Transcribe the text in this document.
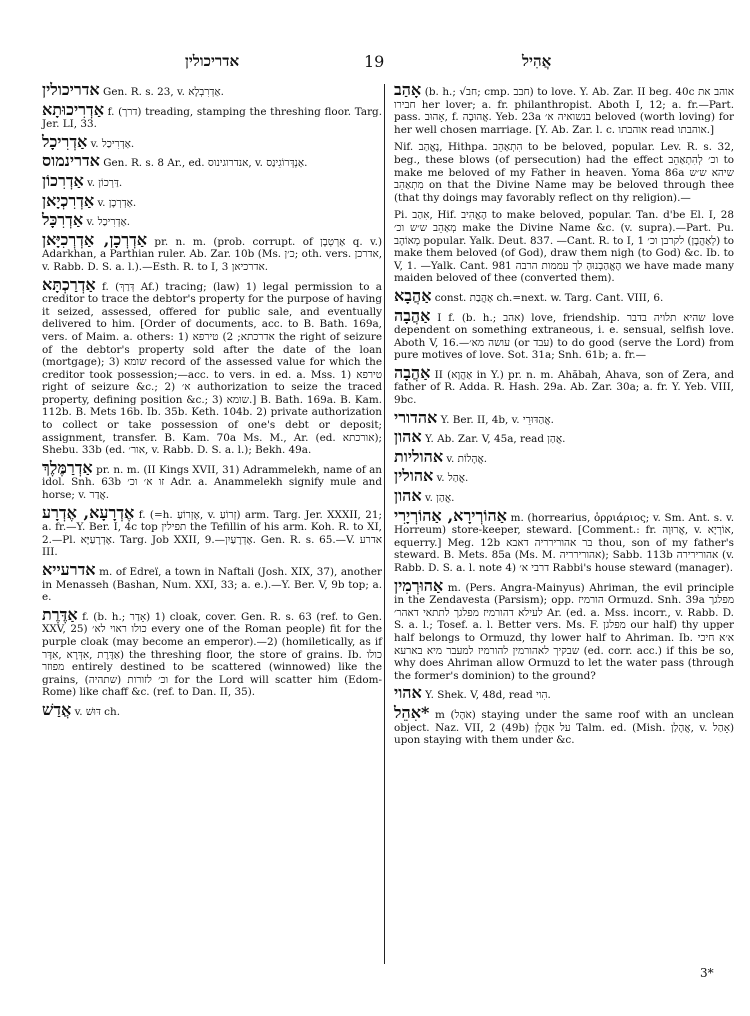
אדריכולין	19	אֲהִיל

אדריכולין Gen. R. s. 23, v. אַדְרִבְלָא.

אַדְרִיכוּתָא f. (דרך) treading, stamping the threshing floor. Targ. Jer. LI, 33.

אַדְרִיכָל v. אַדְרִיכַל.

אדרינמוס Gen. R. s. 8 Ar., ed. אנדרוגינוס, v. אַנְדְּרוֹגִינַס.

אַדְרִכוֹן v. דַּרְכוֹן.

אַדְרִכְיָאן v. אַדְרְכָן.

אַדְרִכָּל v. אַדְרִיכַל.

אַדְרְכָן, אַדְרְכִיָּאן pr. n. m. (prob. corrupt. of אַרְטְבָן q. v.) Adarkhan, a Parthian ruler. Ab. Zar. 10b (Ms. כ׳ן; oth. vers. אדרכן, v. Rabb. D. S. a. l.).—Esth. R. to I, 3 אדרכיאן.

אַדְרַכְתָּא f. (דְּרַךְ Af.) tracing; (law) 1) legal permission to a creditor to trace the debtor's property for the purpose of having it seized, assessed, offered for public sale, and eventually delivered to him. [Order of documents, acc. to B. Bath. 169a, vers. of Maim. a. others: 1) אדרכתא; 2) טירפא the right of seizure of the debtor's property sold after the date of the loan (mortgage); 3) שומא record of the assessed value for which the creditor took possession;—acc. to vers. in ed. a. Mss. 1) טירפא right of seizure &c.; 2) א׳ authorization to seize the traced property, defining position &c.; 3) שומא.] B. Bath. 169a. B. Kam. 112b. B. Mets 16b. Ib. 35b. Keth. 104b. 2) private authorization to collect or take possession of one's debt or deposit; assignment, transfer. B. Kam. 70a Ms. M., Ar. (ed. אורכתא); Shebu. 33b (ed. אור׳, v. Rabb. D. S. a. l.); Bekh. 49a.

אַדְרַמֶּלֶךְ pr. n. m. (II Kings XVII, 31) Adrammelekh, name of an idol. Snh. 63b זו א׳ וכ׳ Adr. a. Anammelekh signify mule and horse; v. אֲדַר.

אֶדְרָעָא, אֶדְרָע f. (=h. אֶזְרוֹעַ, v. זְרוֹעַ) arm. Targ. Jer. XXXII, 21; a. fr.—Y. Ber. I, 4c top תפילין the Tefillin of his arm. Koh. R. to XI, 2.—Pl. אֶדְרָעַיָּא. Targ. Job XXII, 9.—אֶדְרָעַיִן. Gen. R. s. 65.—V. אדרע III.

אדרעייא m. of Edreï, a town in Naftali (Josh. XIX, 37), another in Menasseh (Bashan, Num. XXI, 33; a. e.).—Y. Ber. V, 9b top; a. e.

אַדֶּרֶת f. (b. h.; אָדַר) 1) cloak, cover. Gen. R. s. 63 (ref. to Gen. XXV, 25) כולו ראוי לא׳ every one of the Roman people) fit for the purple cloak (may become an emperor).—2) (homiletically, as if אַדֶּרֶת ,אִדְּרָא ,אִדָּר) the threshing floor, the store of grains. Ib. כולו מפוזר entirely destined to be scattered (winnowed) like the grains, וכ׳ לזורות (שתהיה) for the Lord will scatter him (Edom-Rome) like chaff &c. (ref. to Dan. II, 35).

אֲדַשׁ v. דּוּשׁ ch.

אָהַב (b. h.; √חב; cmp. חבב) to love. Y. Ab. Zar. II beg. 40c אוהב את חבירו her lover; a. fr. philanthropist. Aboth I, 12; a. fr.—Part. pass. אָהוּב, f. אֲהוּבָה. Yeb. 23a בנשואיה א׳ beloved (worth loving) for her well chosen marriage. [Y. Ab. Zar. l. c. אוהבתו read אוהבתו.]

Nif. נֶאֱהַב, Hithpa. הִתְאַהֵב to be beloved, popular. Lev. R. s. 32, beg., these blows (of persecution) had the effect וכ׳ לְהִתְאַהֵב to make me beloved of my Father in heaven. Yoma 86a שיהא ש׳ש מִתְאַהֵב on that the Divine Name may be beloved through thee (that thy doings may favorably reflect on thy religion).—

Pi. אִהַב, Hif. הֶאֱהִיב to make beloved, popular. Tan. d'be El. I, 28 מְאַהֵב ש׳ש וכ׳ make the Divine Name &c. (v. supra).—Part. Pu. מְאוֹהָב popular. Yalk. Deut. 837. —Cant. R. to I, 1 לְאַהֲבָן) לקרבן וכ׳) to make them beloved (of God), draw them nigh (to God) &c. Ib. to V, 1. —Yalk. Cant. 981 הֶאֱהַבְנוּהָ לך עממות הרבה we have made many maiden beloved of thee (converted them).

אַהֲבָא const. אַהֲבַת ch.=next. w. Targ. Cant. VIII, 6.

אַהֲבָה I f. (b. h.; אהב) love, friendship. שהיא תלויה בדבר love dependent on something extraneous, i. e. sensual, selfish love. Aboth V, 16.—עושה מא׳ (or עבד) to do good (serve the Lord) from pure motives of love. Sot. 31a; Snh. 61b; a. fr.—

אַהֲבָה II (אַהֲוָא in Y.) pr. n. m. Ahăbah, Ahava, son of Zera, and father of R. Adda. R. Hash. 29a. Ab. Zar. 30a; a. fr. Y. Yeb. VIII, 9bc.

אהדורי Y. Ber. II, 4b, v. אֲהַדּוּרֵי.

אהון Y. Ab. Zar. V, 45a, read אֲהַן.

אהוליות v. אֲהָלוֹת.

אהולין v. אֲהַל.

אהון v. אֲהַן.

אַהוֹרְירָא, אַהוֹרְיָרִי m. (horrearius, ὁρριάριος; v. Sm. Ant. s. v. Horreum) store-keeper, steward. [Comment.: fr. אֲרוּוָה, v. אוֹרְיָא, equerry.] Meg. 12b בר אהורירריה דאבא thou, son of my father's steward. B. Mets. 85a (Ms. M. אהורירריה); Sabb. 113b אהורירירה (v. Rabb. D. S. a. l. note 4) דרבי א׳ Rabbi's house steward (manager).

אַהוּרְמִין m. (Pers. Angra-Mainyus) Ahriman, the evil principle in the Zendavesta (Parsism); opp. הורמיז Ormuzd. Snh. 39a מפלגך לעילא דהורמיז מפלגך לתתאי דאהר׳ Ar. (ed. a. Mss. incorr., v. Rabb. D. S. a. l.; Tosef. a. l. Better vers. Ms. F. מפלגן our half) thy upper half belongs to Ormuzd, thy lower half to Ahriman. Ib. א׳א חיכי שבקיך לאהורמין להורמיז למעבר מיא בארעא (ed. corr. acc.) if this be so, why does Ahriman allow Ormuzd to let the water pass (through the former's dominion) to the ground?

אהוי Y. Shek. V, 48d, read הִוי.

*אִהֵל m (אֹהֶל) staying under the same roof with an unclean object. Naz. VII, 2 (49b) על אִהֲלָן Talm. ed. (Mish. אֲהָלַן, v. אָהַל) upon staying with them under &c.

3*
